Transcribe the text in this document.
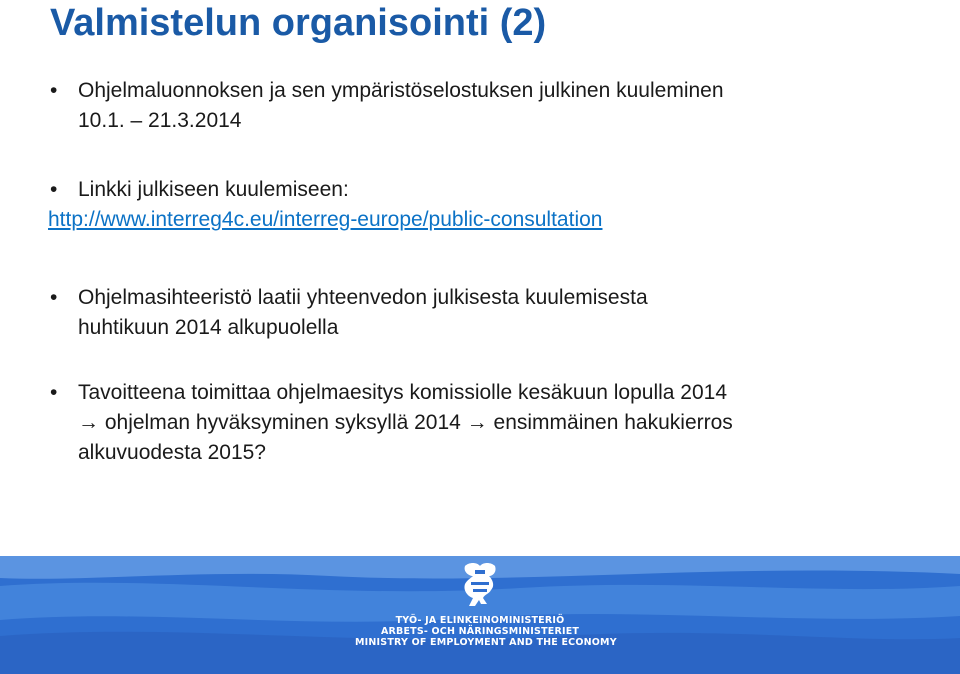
Valmistelun organisointi (2)
• Ohjelmaluonnoksen ja sen ympäristöselostuksen julkinen kuuleminen
10.1. – 21.3.2014
• Linkki julkiseen kuulemiseen:
http://www.interreg4c.eu/interreg-europe/public-consultation
• Ohjelmasihteeristö laatii yhteenvedon julkisesta kuulemisesta
huhtikuun 2014 alkupuolella
• Tavoitteena toimittaa ohjelmaesitys komissiolle kesäkuun lopulla 2014
→ ohjelman hyväksyminen syksyllä 2014 → ensimmäinen hakukierros
alkuvuodesta 2015?
TYÖ- JA ELINKEINOMINISTERIÖ
ARBETS- OCH NÄRINGSMINISTERIET
MINISTRY OF EMPLOYMENT AND THE ECONOMY
